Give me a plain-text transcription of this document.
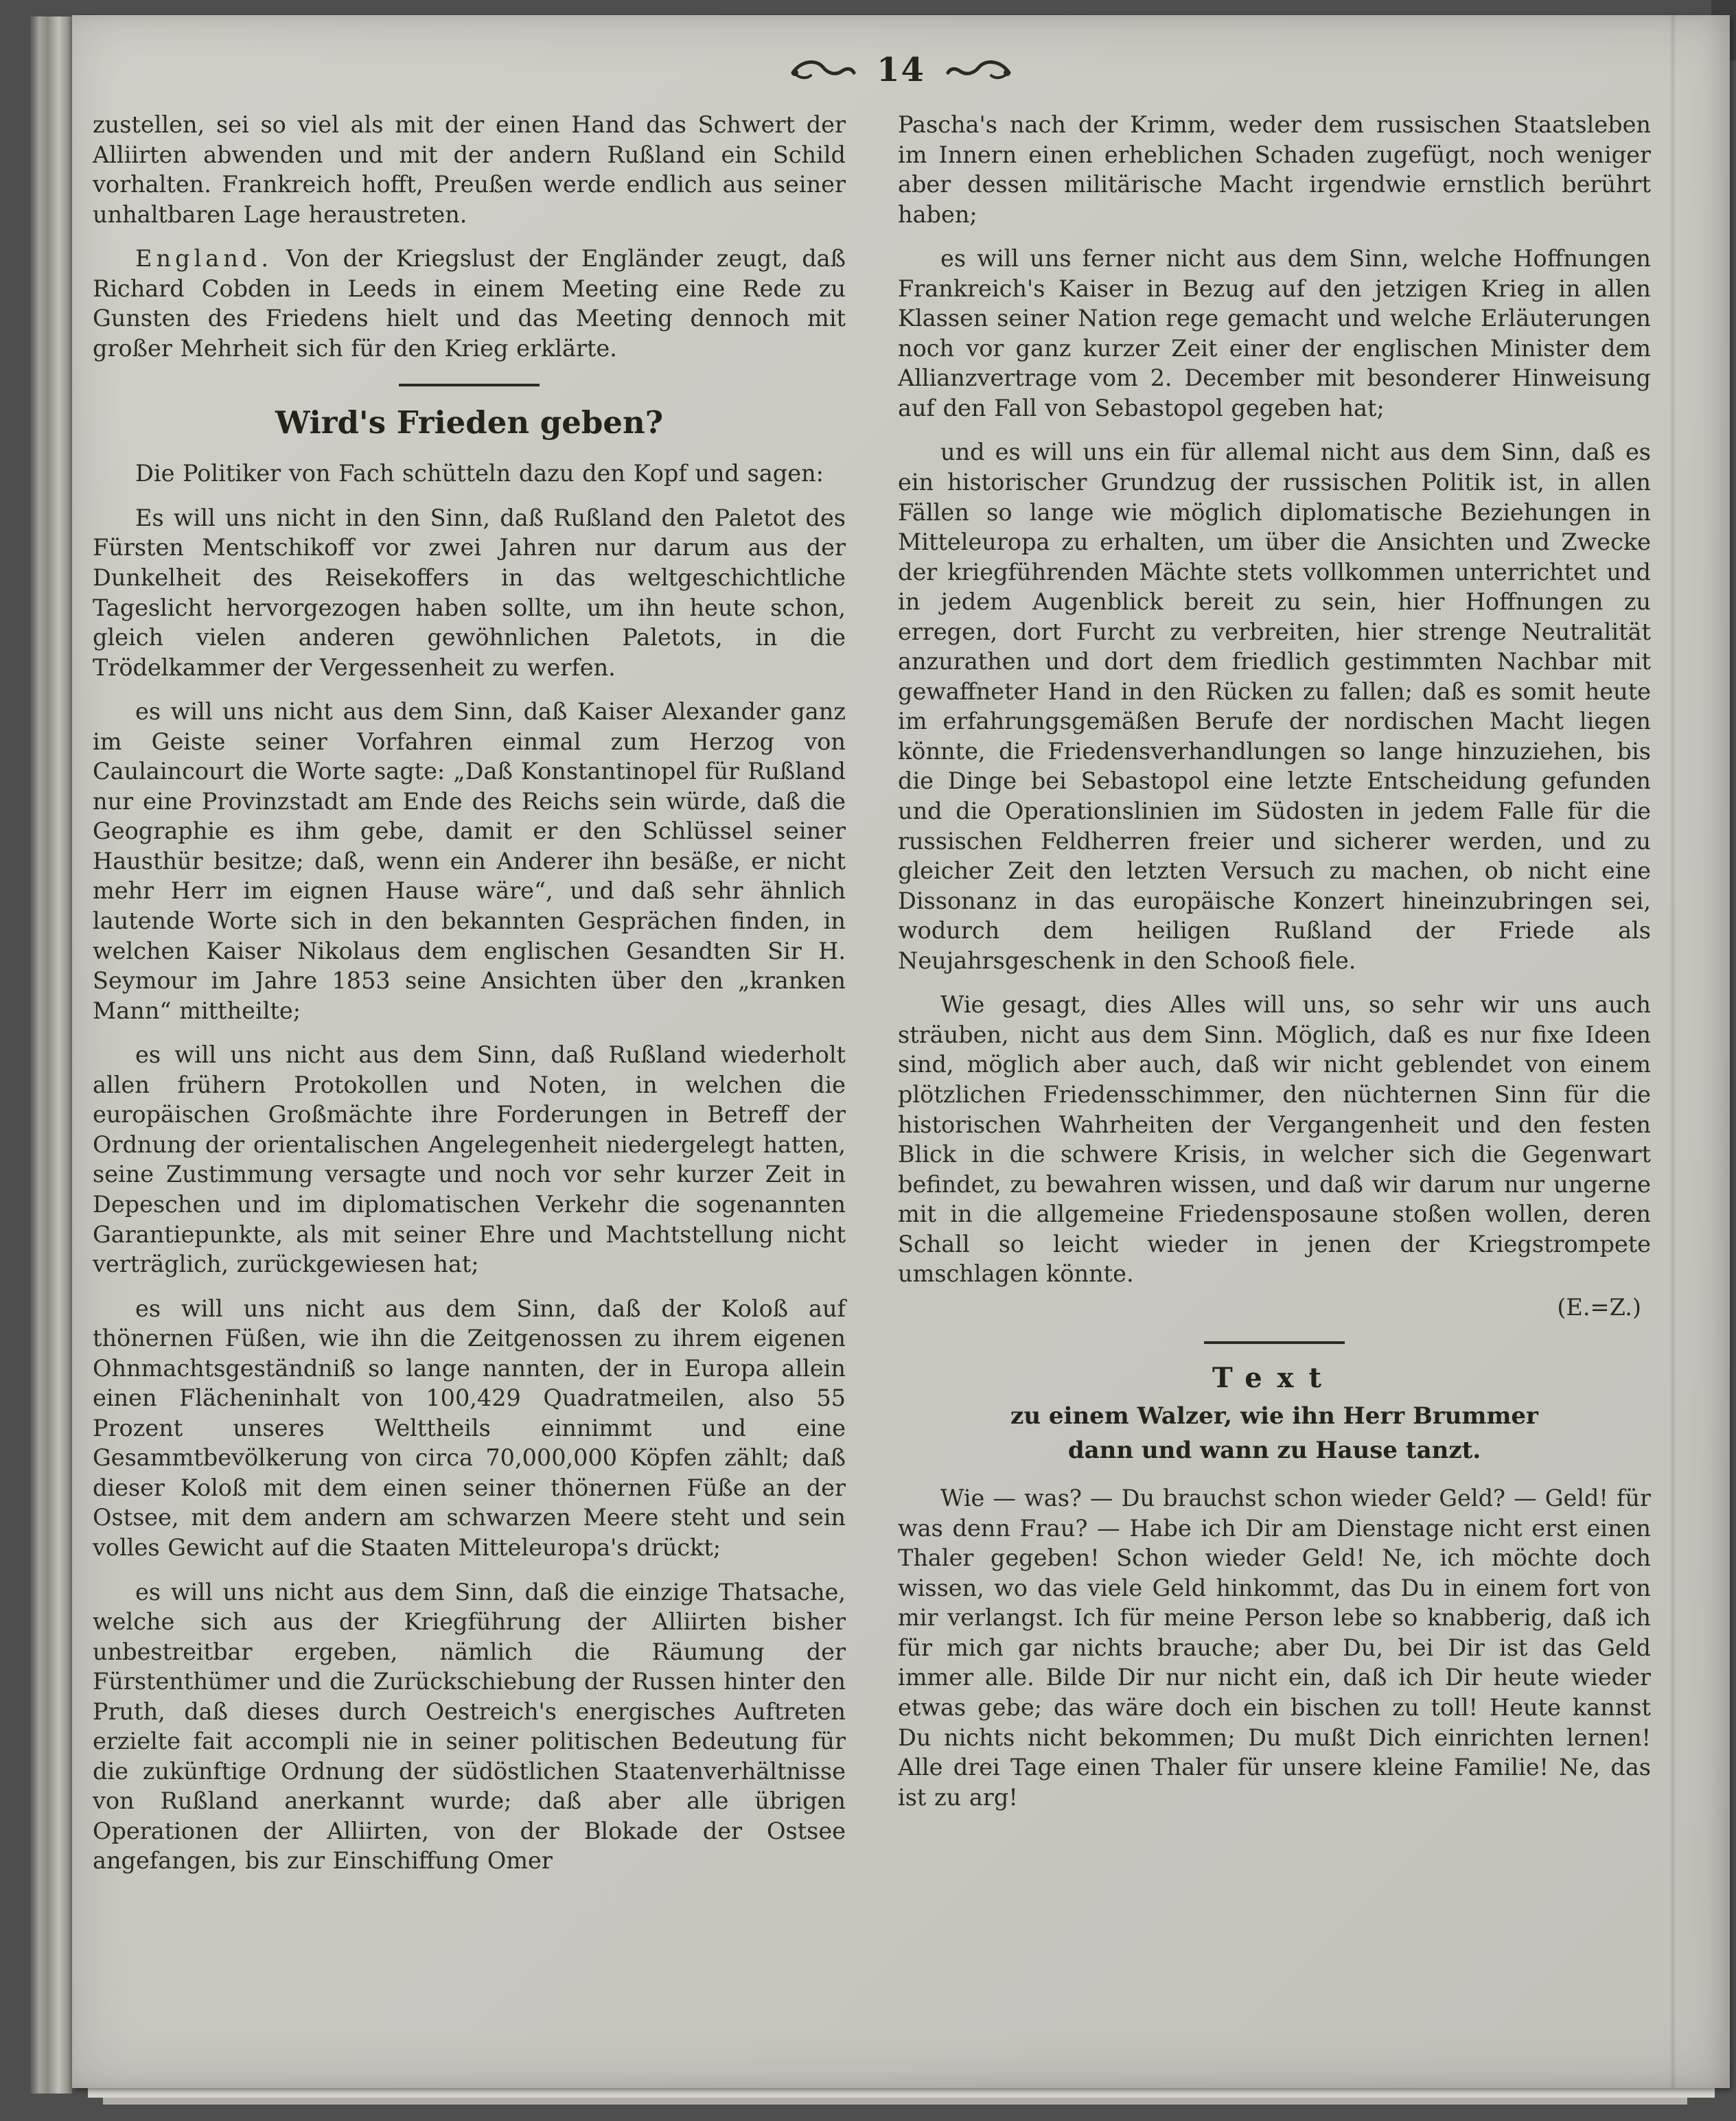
14

zustellen, sei so viel als mit der einen Hand das Schwert der Alliirten abwenden und mit der andern Rußland ein Schild vorhalten. Frankreich hofft, Preußen werde endlich aus seiner unhaltbaren Lage heraustreten.

England. Von der Kriegslust der Engländer zeugt, daß Richard Cobden in Leeds in einem Meeting eine Rede zu Gunsten des Friedens hielt und das Meeting dennoch mit großer Mehrheit sich für den Krieg erklärte.

Wird's Frieden geben?

Die Politiker von Fach schütteln dazu den Kopf und sagen:

Es will uns nicht in den Sinn, daß Rußland den Paletot des Fürsten Mentschikoff vor zwei Jahren nur darum aus der Dunkelheit des Reisekoffers in das weltgeschichtliche Tageslicht hervorgezogen haben sollte, um ihn heute schon, gleich vielen anderen gewöhnlichen Paletots, in die Trödelkammer der Vergessenheit zu werfen.

es will uns nicht aus dem Sinn, daß Kaiser Alexander ganz im Geiste seiner Vorfahren einmal zum Herzog von Caulaincourt die Worte sagte: „Daß Konstantinopel für Rußland nur eine Provinzstadt am Ende des Reichs sein würde, daß die Geographie es ihm gebe, damit er den Schlüssel seiner Hausthür besitze; daß, wenn ein Anderer ihn besäße, er nicht mehr Herr im eignen Hause wäre“, und daß sehr ähnlich lautende Worte sich in den bekannten Gesprächen finden, in welchen Kaiser Nikolaus dem englischen Gesandten Sir H. Seymour im Jahre 1853 seine Ansichten über den „kranken Mann“ mittheilte;

es will uns nicht aus dem Sinn, daß Rußland wiederholt allen frühern Protokollen und Noten, in welchen die europäischen Großmächte ihre Forderungen in Betreff der Ordnung der orientalischen Angelegenheit niedergelegt hatten, seine Zustimmung versagte und noch vor sehr kurzer Zeit in Depeschen und im diplomatischen Verkehr die sogenannten Garantiepunkte, als mit seiner Ehre und Machtstellung nicht verträglich, zurückgewiesen hat;

es will uns nicht aus dem Sinn, daß der Koloß auf thönernen Füßen, wie ihn die Zeitgenossen zu ihrem eigenen Ohnmachtsgeständniß so lange nannten, der in Europa allein einen Flächeninhalt von 100,429 Quadratmeilen, also 55 Prozent unseres Welttheils einnimmt und eine Gesammtbevölkerung von circa 70,000,000 Köpfen zählt; daß dieser Koloß mit dem einen seiner thönernen Füße an der Ostsee, mit dem andern am schwarzen Meere steht und sein volles Gewicht auf die Staaten Mitteleuropa's drückt;

es will uns nicht aus dem Sinn, daß die einzige Thatsache, welche sich aus der Kriegführung der Alliirten bisher unbestreitbar ergeben, nämlich die Räumung der Fürstenthümer und die Zurückschiebung der Russen hinter den Pruth, daß dieses durch Oestreich's energisches Auftreten erzielte fait accompli nie in seiner politischen Bedeutung für die zukünftige Ordnung der südöstlichen Staatenverhältnisse von Rußland anerkannt wurde; daß aber alle übrigen Operationen der Alliirten, von der Blokade der Ostsee angefangen, bis zur Einschiffung Omer

Pascha's nach der Krimm, weder dem russischen Staatsleben im Innern einen erheblichen Schaden zugefügt, noch weniger aber dessen militärische Macht irgendwie ernstlich berührt haben;

es will uns ferner nicht aus dem Sinn, welche Hoffnungen Frankreich's Kaiser in Bezug auf den jetzigen Krieg in allen Klassen seiner Nation rege gemacht und welche Erläuterungen noch vor ganz kurzer Zeit einer der englischen Minister dem Allianzvertrage vom 2. December mit besonderer Hinweisung auf den Fall von Sebastopol gegeben hat;

und es will uns ein für allemal nicht aus dem Sinn, daß es ein historischer Grundzug der russischen Politik ist, in allen Fällen so lange wie möglich diplomatische Beziehungen in Mitteleuropa zu erhalten, um über die Ansichten und Zwecke der kriegführenden Mächte stets vollkommen unterrichtet und in jedem Augenblick bereit zu sein, hier Hoffnungen zu erregen, dort Furcht zu verbreiten, hier strenge Neutralität anzurathen und dort dem friedlich gestimmten Nachbar mit gewaffneter Hand in den Rücken zu fallen; daß es somit heute im erfahrungsgemäßen Berufe der nordischen Macht liegen könnte, die Friedensverhandlungen so lange hinzuziehen, bis die Dinge bei Sebastopol eine letzte Entscheidung gefunden und die Operationslinien im Südosten in jedem Falle für die russischen Feldherren freier und sicherer werden, und zu gleicher Zeit den letzten Versuch zu machen, ob nicht eine Dissonanz in das europäische Konzert hineinzubringen sei, wodurch dem heiligen Rußland der Friede als Neujahrsgeschenk in den Schooß fiele.

Wie gesagt, dies Alles will uns, so sehr wir uns auch sträuben, nicht aus dem Sinn. Möglich, daß es nur fixe Ideen sind, möglich aber auch, daß wir nicht geblendet von einem plötzlichen Friedensschimmer, den nüchternen Sinn für die historischen Wahrheiten der Vergangenheit und den festen Blick in die schwere Krisis, in welcher sich die Gegenwart befindet, zu bewahren wissen, und daß wir darum nur ungerne mit in die allgemeine Friedensposaune stoßen wollen, deren Schall so leicht wieder in jenen der Kriegstrompete umschlagen könnte.

(E.=Z.)

Text

zu einem Walzer, wie ihn Herr Brummer

dann und wann zu Hause tanzt.

Wie — was? — Du brauchst schon wieder Geld? — Geld! für was denn Frau? — Habe ich Dir am Dienstage nicht erst einen Thaler gegeben! Schon wieder Geld! Ne, ich möchte doch wissen, wo das viele Geld hinkommt, das Du in einem fort von mir verlangst. Ich für meine Person lebe so knabberig, daß ich für mich gar nichts brauche; aber Du, bei Dir ist das Geld immer alle. Bilde Dir nur nicht ein, daß ich Dir heute wieder etwas gebe; das wäre doch ein bischen zu toll! Heute kannst Du nichts nicht bekommen; Du mußt Dich einrichten lernen! Alle drei Tage einen Thaler für unsere kleine Familie! Ne, das ist zu arg!
